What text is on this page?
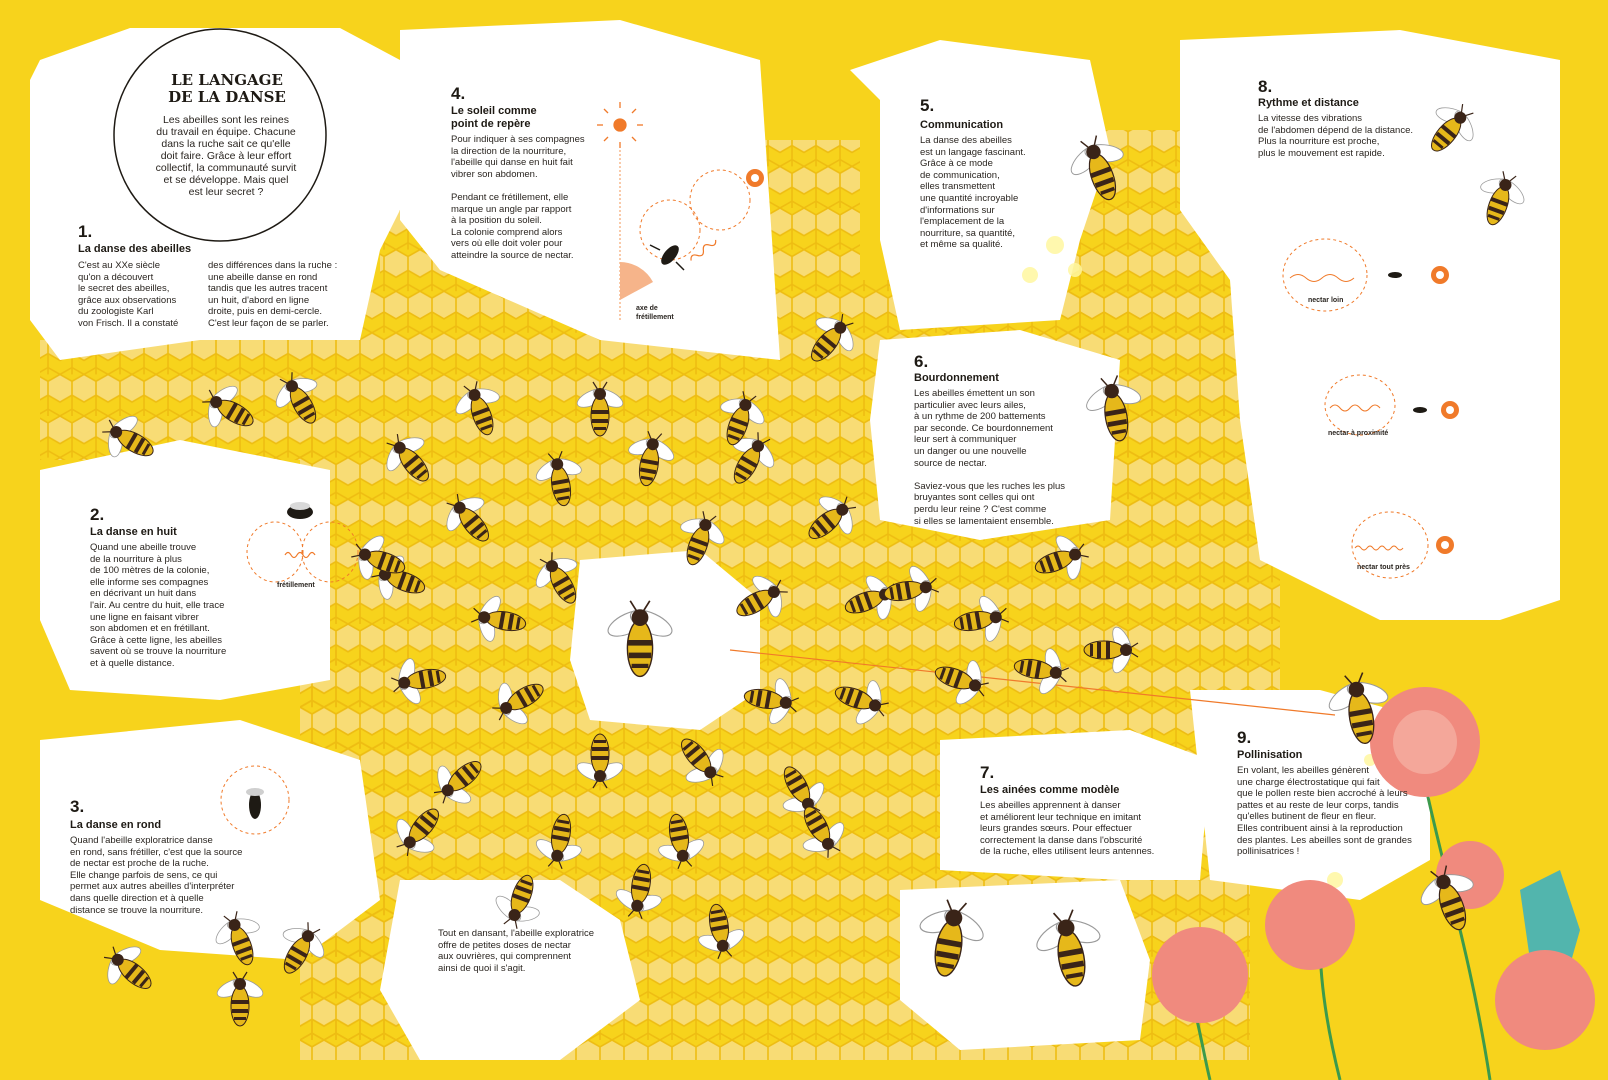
LE LANGAGE
DE LA DANSE
Les abeilles sont les reines
du travail en équipe. Chacune
dans la ruche sait ce qu'elle
doit faire. Grâce à leur effort
collectif, la communauté survit
et se développe. Mais quel
est leur secret ?
1.
La danse des abeilles
C'est au XXe siècle
qu'on a découvert
le secret des abeilles,
grâce aux observations
du zoologiste Karl
von Frisch. Il a constaté
des différences dans la ruche :
une abeille danse en rond
tandis que les autres tracent
un huit, d'abord en ligne
droite, puis en demi-cercle.
C'est leur façon de se parler.
2.
La danse en huit
Quand une abeille trouve
de la nourriture à plus
de 100 mètres de la colonie,
elle informe ses compagnes
en décrivant un huit dans
l'air. Au centre du huit, elle trace
une ligne en faisant vibrer
son abdomen et en frétillant.
Grâce à cette ligne, les abeilles
savent où se trouve la nourriture
et à quelle distance.
frétillement
3.
La danse en rond
Quand l'abeille exploratrice danse
en rond, sans frétiller, c'est que la source
de nectar est proche de la ruche.
Elle change parfois de sens, ce qui
permet aux autres abeilles d'interpréter
dans quelle direction et à quelle
distance se trouve la nourriture.
4.
Le soleil comme
point de repère
Pour indiquer à ses compagnes
la direction de la nourriture,
l'abeille qui danse en huit fait
vibrer son abdomen.

Pendant ce frétillement, elle
marque un angle par rapport
à la position du soleil.
La colonie comprend alors
vers où elle doit voler pour
atteindre la source de nectar.
axe de
frétillement
5.
Communication
La danse des abeilles
est un langage fascinant.
Grâce à ce mode
de communication,
elles transmettent
une quantité incroyable
d'informations sur
l'emplacement de la
nourriture, sa quantité,
et même sa qualité.
6.
Bourdonnement
Les abeilles émettent un son
particulier avec leurs ailes,
à un rythme de 200 battements
par seconde. Ce bourdonnement
leur sert à communiquer
un danger ou une nouvelle
source de nectar.

Saviez-vous que les ruches les plus
bruyantes sont celles qui ont
perdu leur reine ? C'est comme
si elles se lamentaient ensemble.
7.
Les ainées comme modèle
Les abeilles apprennent à danser
et améliorent leur technique en imitant
leurs grandes sœurs. Pour effectuer
correctement la danse dans l'obscurité
de la ruche, elles utilisent leurs antennes.
8.
Rythme et distance
La vitesse des vibrations
de l'abdomen dépend de la distance.
Plus la nourriture est proche,
plus le mouvement est rapide.
nectar loin
nectar à proximité
nectar tout près
9.
Pollinisation
En volant, les abeilles génèrent
une charge électrostatique qui fait
que le pollen reste bien accroché à leurs
pattes et au reste de leur corps, tandis
qu'elles butinent de fleur en fleur.
Elles contribuent ainsi à la reproduction
des plantes. Les abeilles sont de grandes
pollinisatrices !
Tout en dansant, l'abeille exploratrice
offre de petites doses de nectar
aux ouvrières, qui comprennent
ainsi de quoi il s'agit.
